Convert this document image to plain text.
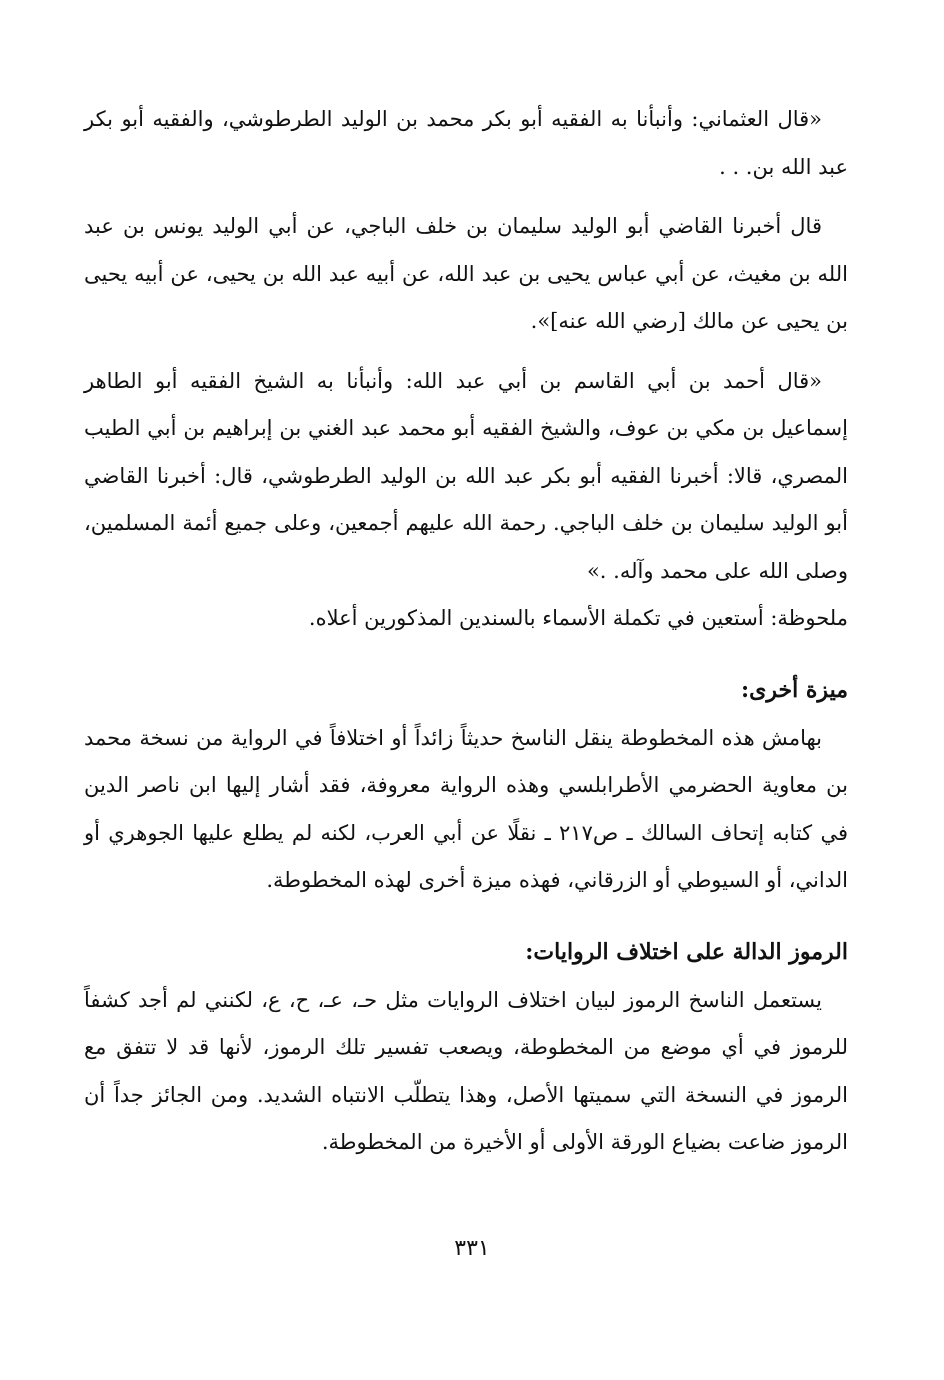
«قال العثماني: وأنبأنا به الفقيه أبو بكر محمد بن الوليد الطرطوشي، والفقيه أبو بكر عبد الله بن. . .

قال أخبرنا القاضي أبو الوليد سليمان بن خلف الباجي، عن أبي الوليد يونس بن عبد الله بن مغيث، عن أبي عباس يحيى بن عبد الله، عن أبيه عبد الله بن يحيى، عن أبيه يحيى بن يحيى عن مالك [رضي الله عنه]».

«قال أحمد بن أبي القاسم بن أبي عبد الله: وأنبأنا به الشيخ الفقيه أبو الطاهر إسماعيل بن مكي بن عوف، والشيخ الفقيه أبو محمد عبد الغني بن إبراهيم بن أبي الطيب المصري، قالا: أخبرنا الفقيه أبو بكر عبد الله بن الوليد الطرطوشي، قال: أخبرنا القاضي أبو الوليد سليمان بن خلف الباجي. رحمة الله عليهم أجمعين، وعلى جميع أئمة المسلمين، وصلى الله على محمد وآله. .»

ملحوظة: أستعين في تكملة الأسماء بالسندين المذكورين أعلاه.

ميزة أخرى:

بهامش هذه المخطوطة ينقل الناسخ حديثاً زائداً أو اختلافاً في الرواية من نسخة محمد بن معاوية الحضرمي الأطرابلسي وهذه الرواية معروفة، فقد أشار إليها ابن ناصر الدين في كتابه إتحاف السالك ـ ص٢١٧ ـ نقلًا عن أبي العرب، لكنه لم يطلع عليها الجوهري أو الداني، أو السيوطي أو الزرقاني، فهذه ميزة أخرى لهذه المخطوطة.

الرموز الدالة على اختلاف الروايات:

يستعمل الناسخ الرموز لبيان اختلاف الروايات مثل حـ، عـ، ح، ع، لكنني لم أجد كشفاً للرموز في أي موضع من المخطوطة، ويصعب تفسير تلك الرموز، لأنها قد لا تتفق مع الرموز في النسخة التي سميتها الأصل، وهذا يتطلّب الانتباه الشديد. ومن الجائز جداً أن الرموز ضاعت بضياع الورقة الأولى أو الأخيرة من المخطوطة.

٣٣١
